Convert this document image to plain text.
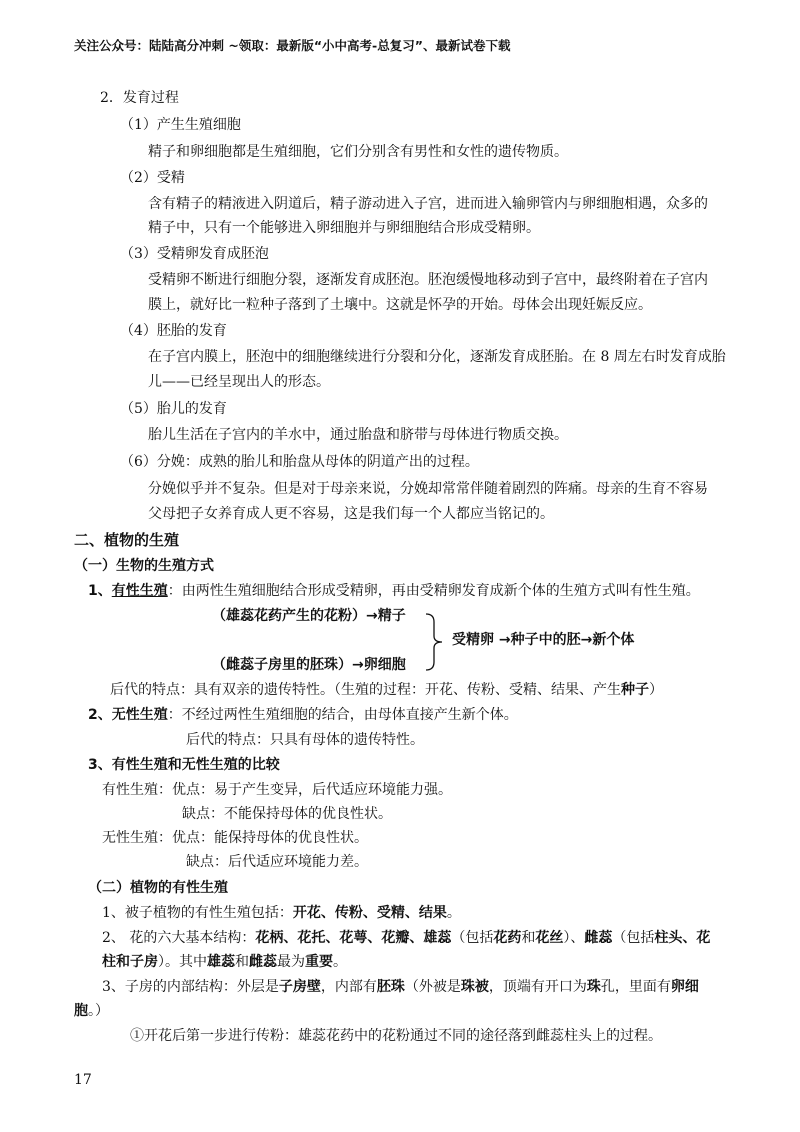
关注公众号：陆陆高分冲刺 ~领取：最新版“小中高考-总复习”、最新试卷下载
2．发育过程
（1）产生生殖细胞
精子和卵细胞都是生殖细胞，它们分别含有男性和女性的遗传物质。
（2）受精
含有精子的精液进入阴道后，精子游动进入子宫，进而进入输卵管内与卵细胞相遇，众多的
精子中，只有一个能够进入卵细胞并与卵细胞结合形成受精卵。
（3）受精卵发育成胚泡
受精卵不断进行细胞分裂，逐渐发育成胚泡。胚泡缓慢地移动到子宫中，最终附着在子宫内
膜上，就好比一粒种子落到了土壤中。这就是怀孕的开始。母体会出现妊娠反应。
（4）胚胎的发育
在子宫内膜上，胚泡中的细胞继续进行分裂和分化，逐渐发育成胚胎。在 8 周左右时发育成胎
儿——已经呈现出人的形态。
（5）胎儿的发育
胎儿生活在子宫内的羊水中，通过胎盘和脐带与母体进行物质交换。
（6）分娩：成熟的胎儿和胎盘从母体的阴道产出的过程。
分娩似乎并不复杂。但是对于母亲来说，分娩却常常伴随着剧烈的阵痛。母亲的生育不容易
父母把子女养育成人更不容易，这是我们每一个人都应当铭记的。
二、植物的生殖
（一）生物的生殖方式
1、有性生殖：由两性生殖细胞结合形成受精卵，再由受精卵发育成新个体的生殖方式叫有性生殖。
（雄蕊花药产生的花粉）→精子
（雌蕊子房里的胚珠）→卵细胞
受精卵 →种子中的胚→新个体
后代的特点：具有双亲的遗传特性。（生殖的过程：开花、传粉、受精、结果、产生种子）
2、无性生殖：不经过两性生殖细胞的结合，由母体直接产生新个体。
后代的特点：只具有母体的遗传特性。
3、有性生殖和无性生殖的比较
有性生殖：优点：易于产生变异，后代适应环境能力强。
缺点：不能保持母体的优良性状。
无性生殖：优点：能保持母体的优良性状。
缺点：后代适应环境能力差。
（二）植物的有性生殖
1、被子植物的有性生殖包括：开花、传粉、受精、结果。
2、 花的六大基本结构：花柄、花托、花萼、花瓣、雄蕊（包括花药和花丝）、雌蕊（包括柱头、花
柱和子房）。其中雄蕊和雌蕊最为重要。
3、子房的内部结构：外层是子房壁，内部有胚珠（外被是珠被，顶端有开口为珠孔，里面有卵细
胞。）
①开花后第一步进行传粉：雄蕊花药中的花粉通过不同的途径落到雌蕊柱头上的过程。
17
